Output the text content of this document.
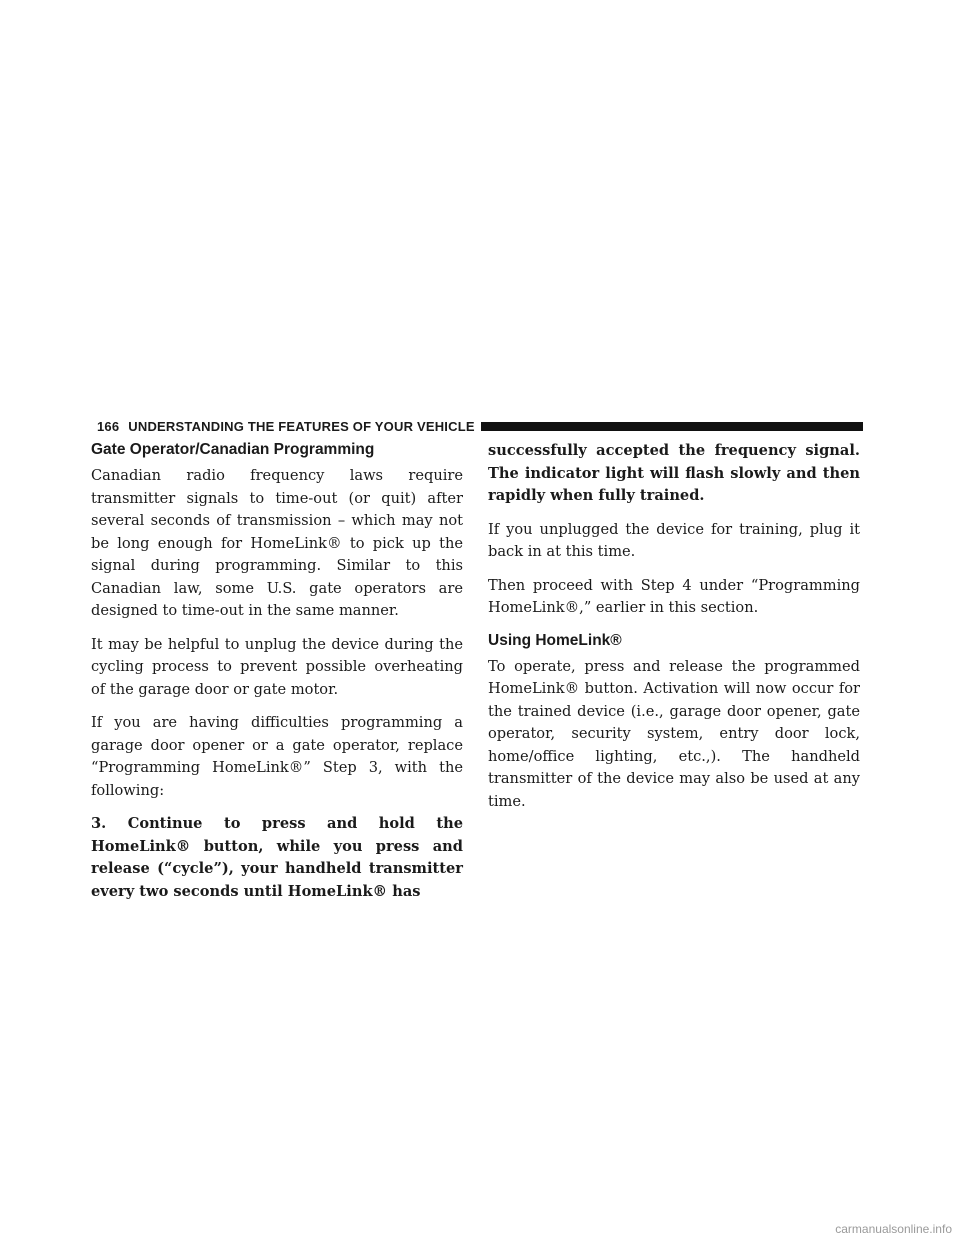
166 UNDERSTANDING THE FEATURES OF YOUR VEHICLE
Gate Operator/Canadian Programming

Canadian radio frequency laws require transmitter signals to time-out (or quit) after several seconds of transmission – which may not be long enough for HomeLink® to pick up the signal during programming. Similar to this Canadian law, some U.S. gate operators are designed to time-out in the same manner.

It may be helpful to unplug the device during the cycling process to prevent possible overheating of the garage door or gate motor.

If you are having difficulties programming a garage door opener or a gate operator, replace “Programming HomeLink®” Step 3, with the following:

3. Continue to press and hold the HomeLink® button, while you press and release (“cycle”), your handheld transmitter every two seconds until HomeLink® has

successfully accepted the frequency signal. The indicator light will flash slowly and then rapidly when fully trained.

If you unplugged the device for training, plug it back in at this time.

Then proceed with Step 4 under “Programming HomeLink®,” earlier in this section.

Using HomeLink®

To operate, press and release the programmed HomeLink® button. Activation will now occur for the trained device (i.e., garage door opener, gate operator, security system, entry door lock, home/office lighting, etc.,). The handheld transmitter of the device may also be used at any time.

carmanualsonline.info
